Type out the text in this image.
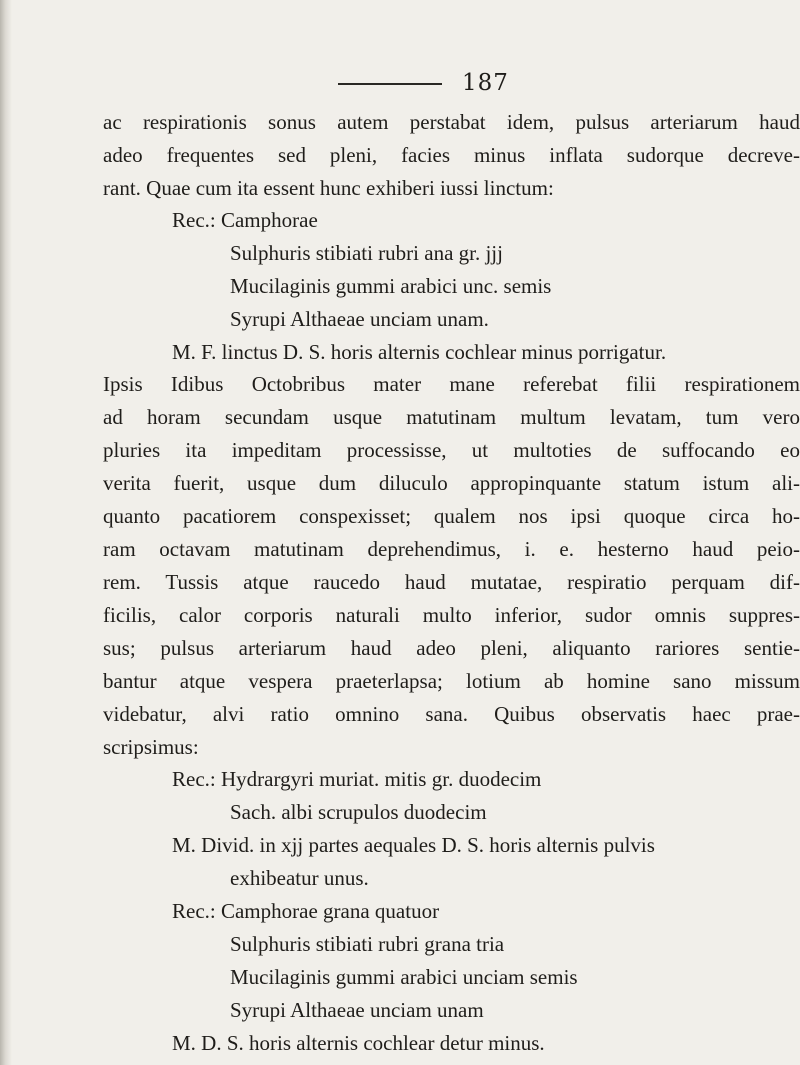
187
ac respirationis sonus autem perstabat idem, pulsus arteriarum haud
adeo frequentes sed pleni, facies minus inflata sudorque decreve-
rant. Quae cum ita essent hunc exhiberi iussi linctum:
Rec.: Camphorae
Sulphuris stibiati rubri ana gr. jjj
Mucilaginis gummi arabici unc. semis
Syrupi Althaeae unciam unam.
M. F. linctus D. S. horis alternis cochlear minus porrigatur.
Ipsis Idibus Octobribus mater mane referebat filii respirationem
ad horam secundam usque matutinam multum levatam, tum vero
pluries ita impeditam processisse, ut multoties de suffocando eo
verita fuerit, usque dum diluculo appropinquante statum istum ali-
quanto pacatiorem conspexisset; qualem nos ipsi quoque circa ho-
ram octavam matutinam deprehendimus, i. e. hesterno haud peio-
rem. Tussis atque raucedo haud mutatae, respiratio perquam dif-
ficilis, calor corporis naturali multo inferior, sudor omnis suppres-
sus; pulsus arteriarum haud adeo pleni, aliquanto rariores sentie-
bantur atque vespera praeterlapsa; lotium ab homine sano missum
videbatur, alvi ratio omnino sana. Quibus observatis haec prae-
scripsimus:
Rec.: Hydrargyri muriat. mitis gr. duodecim
Sach. albi scrupulos duodecim
M. Divid. in xjj partes aequales D. S. horis alternis pulvis
exhibeatur unus.
Rec.: Camphorae grana quatuor
Sulphuris stibiati rubri grana tria
Mucilaginis gummi arabici unciam semis
Syrupi Althaeae unciam unam
M. D. S. horis alternis cochlear detur minus.
